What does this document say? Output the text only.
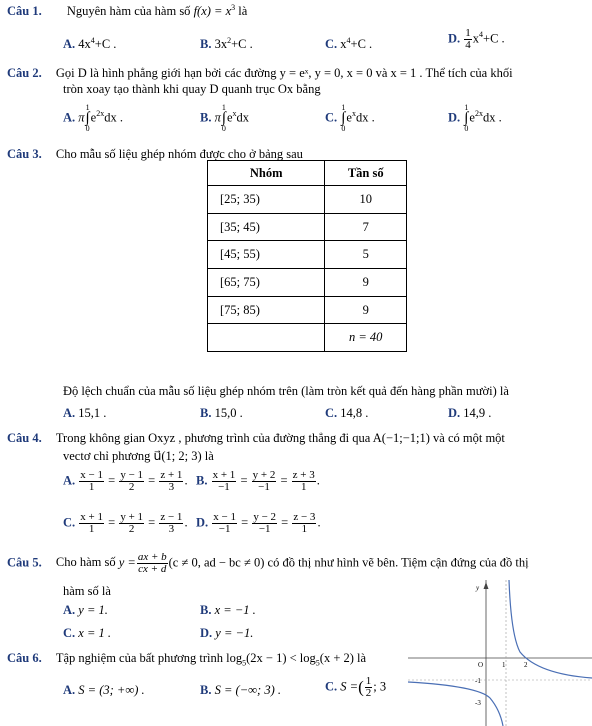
Câu 1. Nguyên hàm của hàm số $f(x) = x^3$ là
A. $4x^4+C$ .	B. $3x^2+C$ .	C. $x^4+C$ .	D. $\frac{1}{4} x^4+C$ .
Câu 2. Gọi D là hình phẳng giới hạn bởi các đường y = eˣ, y = 0, x = 0 và x = 1 . Thể tích của khối
tròn xoay tạo thành khi quay D quanh trục Ox bằng
A. π
1
∫
0
$e^{2x}dx$ .	B. π
1
∫
0
$e^xdx$	C.
1
∫
0
$e^xdx$ .	D.
1
∫
0
$e^{2x}dx$ .
Câu 3. Cho mẫu số liệu ghép nhóm được cho ở bảng sau
Nhóm	Tần số
[25; 35)	10
[35; 45)	7
[45; 55)	5
[65; 75)	9
[75; 85)	9
	n = 40
Độ lệch chuẩn của mẫu số liệu ghép nhóm trên (làm tròn kết quả đến hàng phần mười) là
A. 15,1 .	B. 15,0 .	C. 14,8 .	D. 14,9 .
Câu 4. Trong không gian Oxyz , phương trình của đường thẳng đi qua A(−1;−1;1) và có một một
vectơ chỉ phương u⃗(1; 2; 3) là
A. $\frac{x - 1}{1} = \frac{y - 1}{2} = \frac{z + 1}{3}$ . B. $\frac{x + 1}{-1} = \frac{y + 2}{-1} = \frac{z + 3}{1}$ .
C. $\frac{x + 1}{1} = \frac{y + 1}{2} = \frac{z - 1}{3}$ . D. $\frac{x - 1}{-1} = \frac{y - 2}{-1} = \frac{z - 3}{1}$ .
Câu 5. Cho hàm số $y = \frac{ax + b}{cx + d} (c \ne 0$, ad − bc ≠ 0) có đồ thị như hình vẽ bên. Tiệm cận đứng của đồ thị
hàm số là
A. y = 1.	B. x = −1 .
C. x = 1 .	D. y = −1.
Câu 6. Tập nghiệm của bất phương trình $\log_5(2x - 1) < \log_5(x + 2)$ là
A. S = (3; +∞) .	B. S = (−∞; 3) .	C. S =( $\frac{1}{2}$ ; 3
y
O	1	2
-1
-3
